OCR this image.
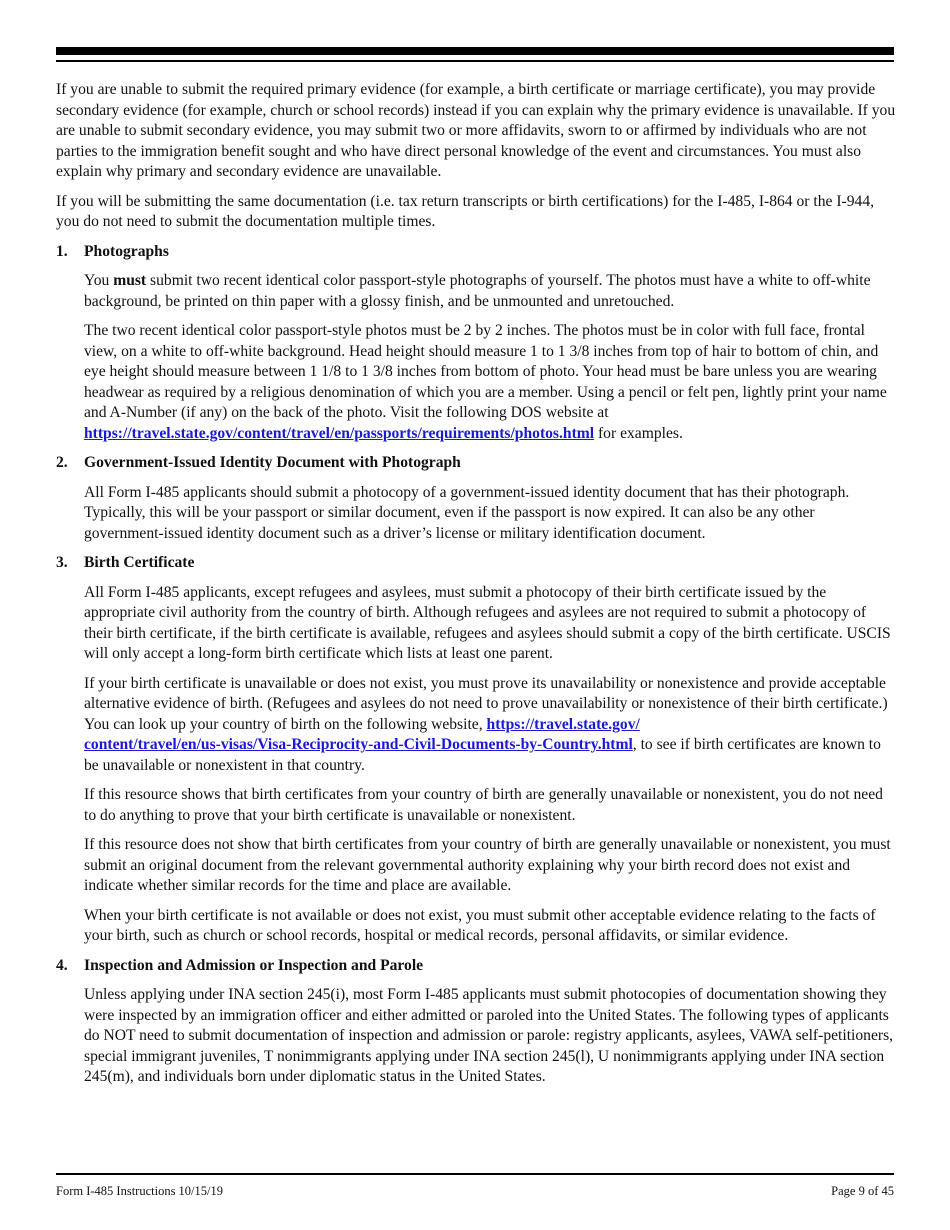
If you are unable to submit the required primary evidence (for example, a birth certificate or marriage certificate), you may provide secondary evidence (for example, church or school records) instead if you can explain why the primary evidence is unavailable. If you are unable to submit secondary evidence, you may submit two or more affidavits, sworn to or affirmed by individuals who are not parties to the immigration benefit sought and who have direct personal knowledge of the event and circumstances. You must also explain why primary and secondary evidence are unavailable.

If you will be submitting the same documentation (i.e. tax return transcripts or birth certifications) for the I-485, I-864 or the I-944, you do not need to submit the documentation multiple times.

1.	Photographs

You must submit two recent identical color passport-style photographs of yourself. The photos must have a white to off-white background, be printed on thin paper with a glossy finish, and be unmounted and unretouched.

The two recent identical color passport-style photos must be 2 by 2 inches. The photos must be in color with full face, frontal view, on a white to off-white background. Head height should measure 1 to 1 3/8 inches from top of hair to bottom of chin, and eye height should measure between 1 1/8 to 1 3/8 inches from bottom of photo. Your head must be bare unless you are wearing headwear as required by a religious denomination of which you are a member. Using a pencil or felt pen, lightly print your name and A-Number (if any) on the back of the photo. Visit the following DOS website at https://travel.state.gov/content/travel/en/passports/requirements/photos.html for examples.

2.	Government-Issued Identity Document with Photograph

All Form I-485 applicants should submit a photocopy of a government-issued identity document that has their photograph. Typically, this will be your passport or similar document, even if the passport is now expired. It can also be any other government-issued identity document such as a driver’s license or military identification document.

3.	Birth Certificate

All Form I-485 applicants, except refugees and asylees, must submit a photocopy of their birth certificate issued by the appropriate civil authority from the country of birth. Although refugees and asylees are not required to submit a photocopy of their birth certificate, if the birth certificate is available, refugees and asylees should submit a copy of the birth certificate. USCIS will only accept a long-form birth certificate which lists at least one parent.

If your birth certificate is unavailable or does not exist, you must prove its unavailability or nonexistence and provide acceptable alternative evidence of birth. (Refugees and asylees do not need to prove unavailability or nonexistence of their birth certificate.) You can look up your country of birth on the following website, https://travel.state.gov/
content/travel/en/us-visas/Visa-Reciprocity-and-Civil-Documents-by-Country.html, to see if birth certificates are known to be unavailable or nonexistent in that country.

If this resource shows that birth certificates from your country of birth are generally unavailable or nonexistent, you do not need to do anything to prove that your birth certificate is unavailable or nonexistent.

If this resource does not show that birth certificates from your country of birth are generally unavailable or nonexistent, you must submit an original document from the relevant governmental authority explaining why your birth record does not exist and indicate whether similar records for the time and place are available.

When your birth certificate is not available or does not exist, you must submit other acceptable evidence relating to the facts of your birth, such as church or school records, hospital or medical records, personal affidavits, or similar evidence.

4.	Inspection and Admission or Inspection and Parole

Unless applying under INA section 245(i), most Form I-485 applicants must submit photocopies of documentation showing they were inspected by an immigration officer and either admitted or paroled into the United States. The following types of applicants do NOT need to submit documentation of inspection and admission or parole: registry applicants, asylees, VAWA self-petitioners, special immigrant juveniles, T nonimmigrants applying under INA section 245(l), U nonimmigrants applying under INA section 245(m), and individuals born under diplomatic status in the United States.

Form I-485 Instructions 10/15/19	Page 9 of 45
